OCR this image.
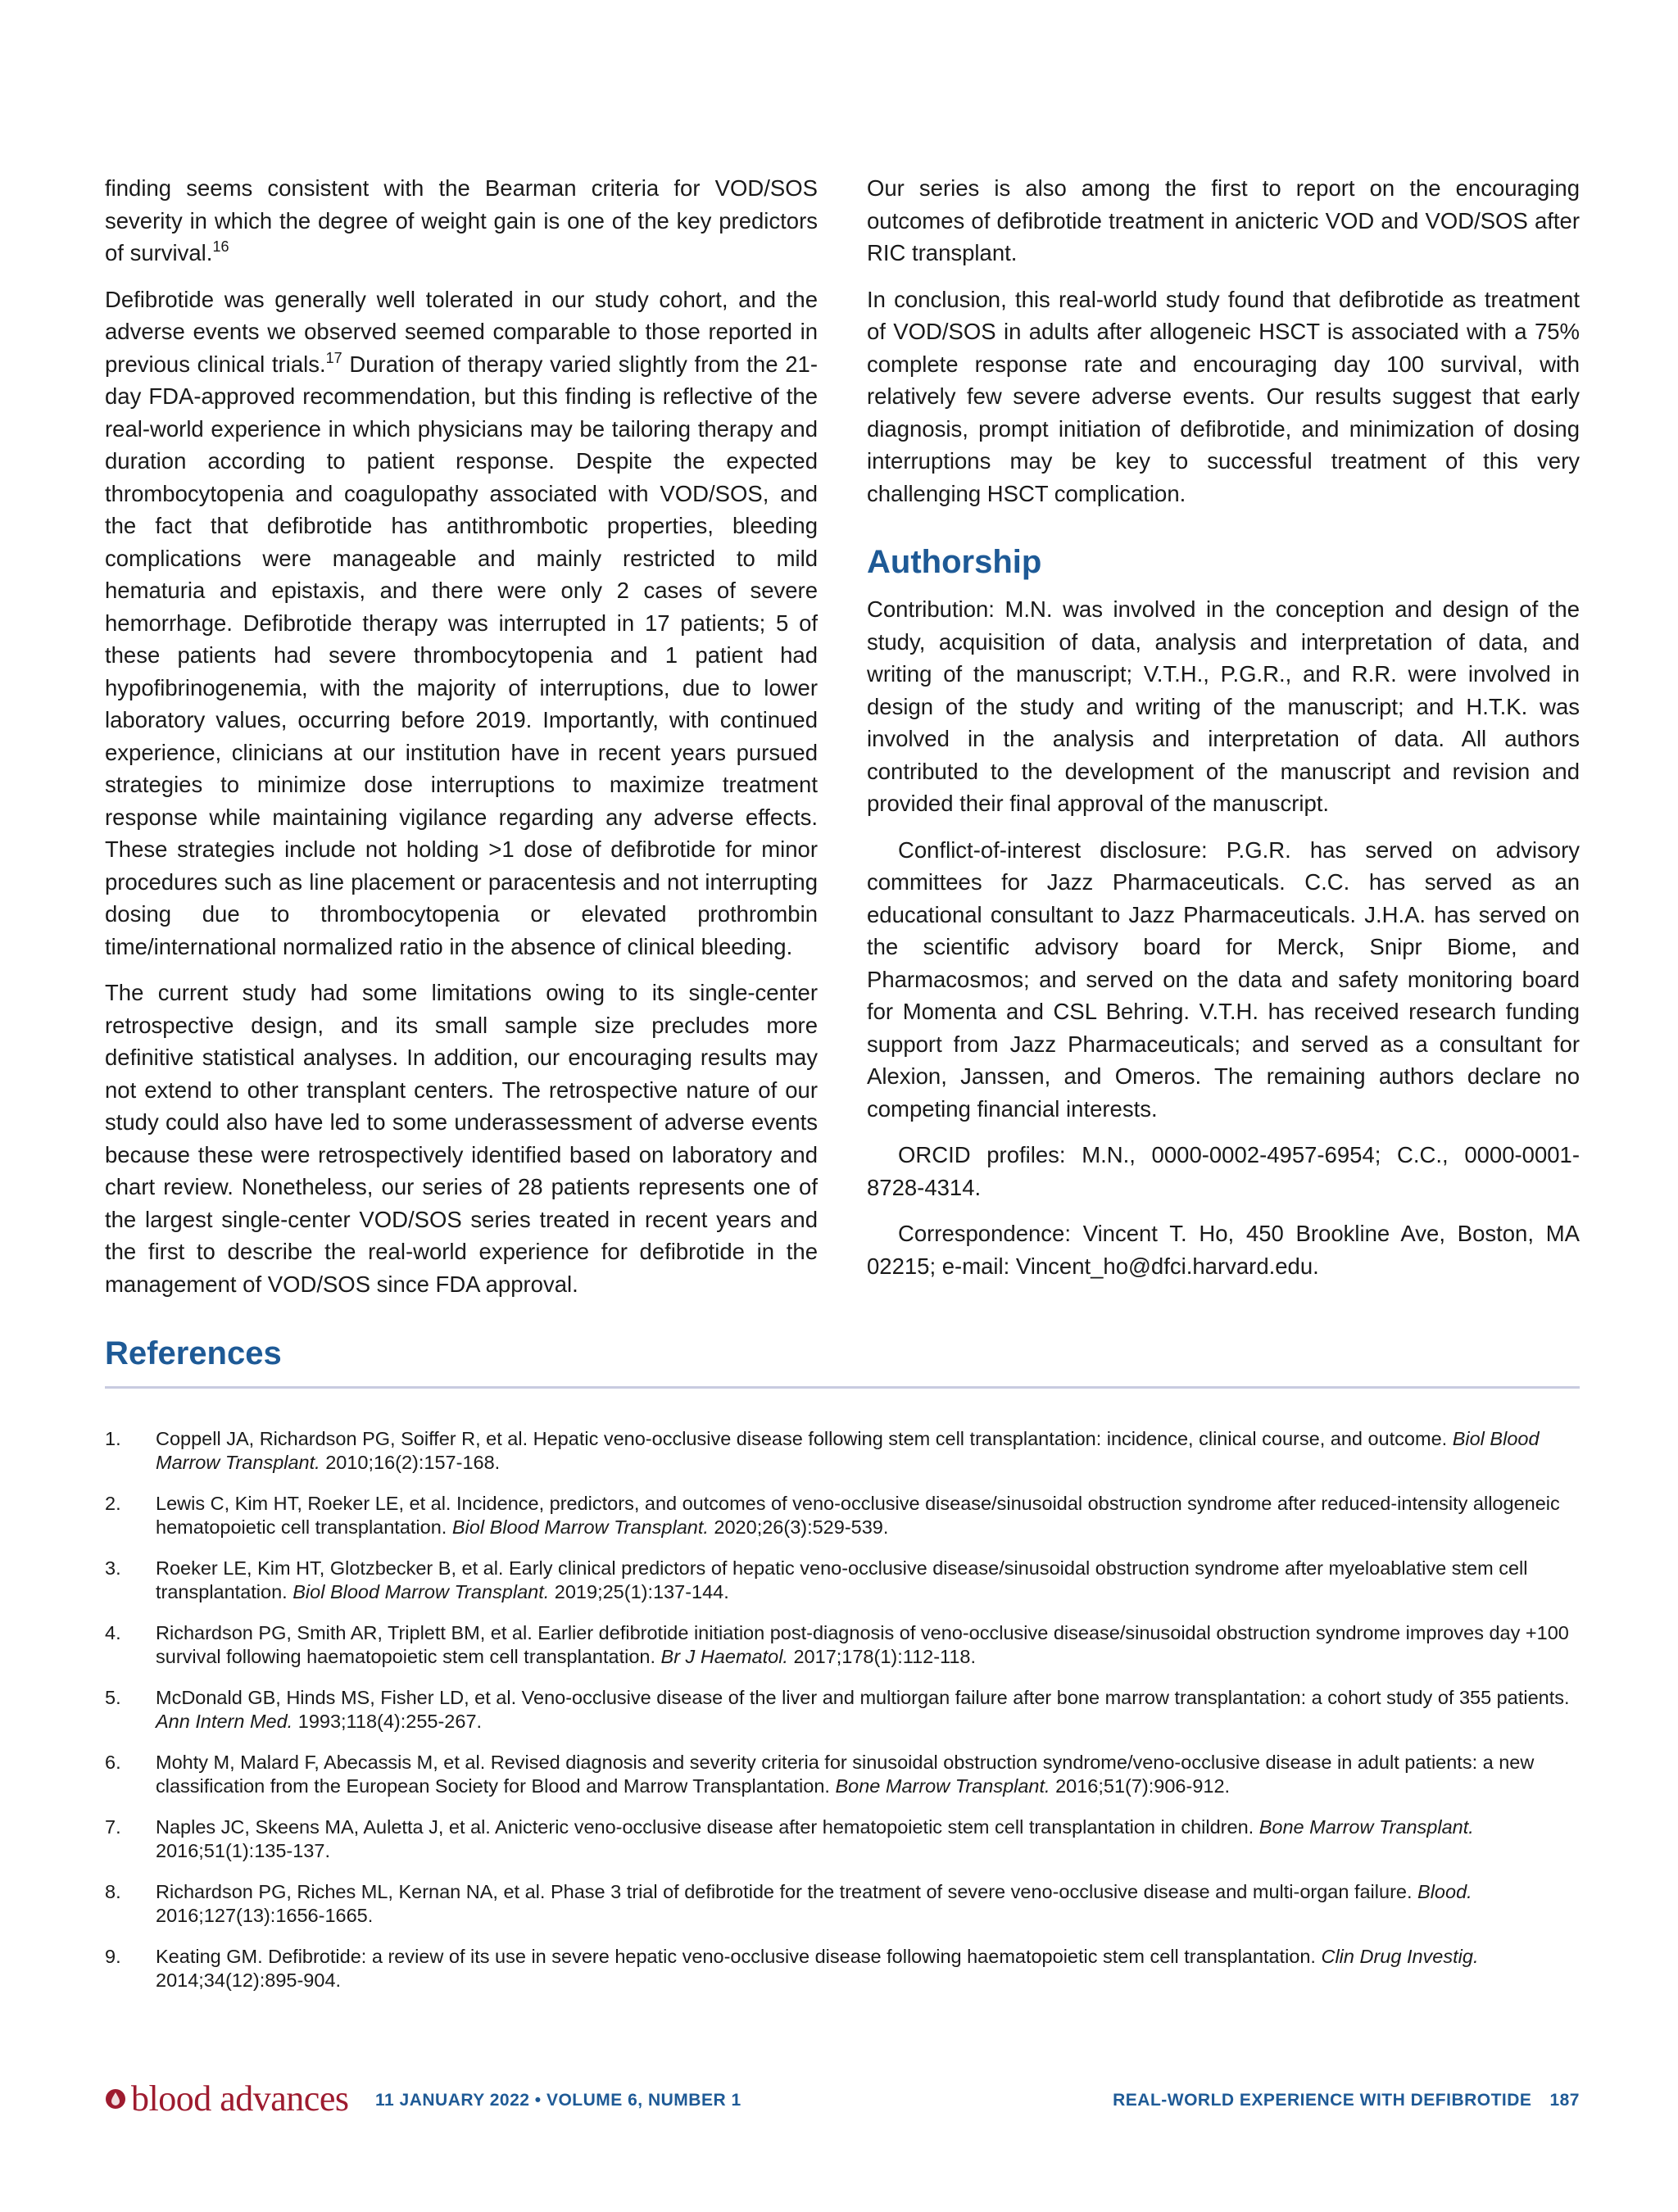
finding seems consistent with the Bearman criteria for VOD/SOS severity in which the degree of weight gain is one of the key predictors of survival.$^{16}$

Defibrotide was generally well tolerated in our study cohort, and the adverse events we observed seemed comparable to those reported in previous clinical trials.$^{17}$ Duration of therapy varied slightly from the 21-day FDA-approved recommendation, but this finding is reflective of the real-world experience in which physicians may be tailoring therapy and duration according to patient response. Despite the expected thrombocytopenia and coagulopathy associated with VOD/SOS, and the fact that defibrotide has antithrombotic properties, bleeding complications were manageable and mainly restricted to mild hematuria and epistaxis, and there were only 2 cases of severe hemorrhage. Defibrotide therapy was interrupted in 17 patients; 5 of these patients had severe thrombocytopenia and 1 patient had hypofibrinogenemia, with the majority of interruptions, due to lower laboratory values, occurring before 2019. Importantly, with continued experience, clinicians at our institution have in recent years pursued strategies to minimize dose interruptions to maximize treatment response while maintaining vigilance regarding any adverse effects. These strategies include not holding >1 dose of defibrotide for minor procedures such as line placement or paracentesis and not interrupting dosing due to thrombocytopenia or elevated prothrombin time/international normalized ratio in the absence of clinical bleeding.

The current study had some limitations owing to its single-center retrospective design, and its small sample size precludes more definitive statistical analyses. In addition, our encouraging results may not extend to other transplant centers. The retrospective nature of our study could also have led to some underassessment of adverse events because these were retrospectively identified based on laboratory and chart review. Nonetheless, our series of 28 patients represents one of the largest single-center VOD/SOS series treated in recent years and the first to describe the real-world experience for defibrotide in the management of VOD/SOS since FDA approval.

Our series is also among the first to report on the encouraging outcomes of defibrotide treatment in anicteric VOD and VOD/SOS after RIC transplant.

In conclusion, this real-world study found that defibrotide as treatment of VOD/SOS in adults after allogeneic HSCT is associated with a 75% complete response rate and encouraging day 100 survival, with relatively few severe adverse events. Our results suggest that early diagnosis, prompt initiation of defibrotide, and minimization of dosing interruptions may be key to successful treatment of this very challenging HSCT complication.

Authorship

Contribution: M.N. was involved in the conception and design of the study, acquisition of data, analysis and interpretation of data, and writing of the manuscript; V.T.H., P.G.R., and R.R. were involved in design of the study and writing of the manuscript; and H.T.K. was involved in the analysis and interpretation of data. All authors contributed to the development of the manuscript and revision and provided their final approval of the manuscript.

Conflict-of-interest disclosure: P.G.R. has served on advisory committees for Jazz Pharmaceuticals. C.C. has served as an educational consultant to Jazz Pharmaceuticals. J.H.A. has served on the scientific advisory board for Merck, Snipr Biome, and Pharmacosmos; and served on the data and safety monitoring board for Momenta and CSL Behring. V.T.H. has received research funding support from Jazz Pharmaceuticals; and served as a consultant for Alexion, Janssen, and Omeros. The remaining authors declare no competing financial interests.

ORCID profiles: M.N., 0000-0002-4957-6954; C.C., 0000-0001-8728-4314.

Correspondence: Vincent T. Ho, 450 Brookline Ave, Boston, MA 02215; e-mail: Vincent_ho@dfci.harvard.edu.

References
1. Coppell JA, Richardson PG, Soiffer R, et al. Hepatic veno-occlusive disease following stem cell transplantation: incidence, clinical course, and outcome. Biol Blood Marrow Transplant. 2010;16(2):157-168.
2. Lewis C, Kim HT, Roeker LE, et al. Incidence, predictors, and outcomes of veno-occlusive disease/sinusoidal obstruction syndrome after reduced-intensity allogeneic hematopoietic cell transplantation. Biol Blood Marrow Transplant. 2020;26(3):529-539.
3. Roeker LE, Kim HT, Glotzbecker B, et al. Early clinical predictors of hepatic veno-occlusive disease/sinusoidal obstruction syndrome after myeloablative stem cell transplantation. Biol Blood Marrow Transplant. 2019;25(1):137-144.
4. Richardson PG, Smith AR, Triplett BM, et al. Earlier defibrotide initiation post-diagnosis of veno-occlusive disease/sinusoidal obstruction syndrome improves day +100 survival following haematopoietic stem cell transplantation. Br J Haematol. 2017;178(1):112-118.
5. McDonald GB, Hinds MS, Fisher LD, et al. Veno-occlusive disease of the liver and multiorgan failure after bone marrow transplantation: a cohort study of 355 patients. Ann Intern Med. 1993;118(4):255-267.
6. Mohty M, Malard F, Abecassis M, et al. Revised diagnosis and severity criteria for sinusoidal obstruction syndrome/veno-occlusive disease in adult patients: a new classification from the European Society for Blood and Marrow Transplantation. Bone Marrow Transplant. 2016;51(7):906-912.
7. Naples JC, Skeens MA, Auletta J, et al. Anicteric veno-occlusive disease after hematopoietic stem cell transplantation in children. Bone Marrow Transplant. 2016;51(1):135-137.
8. Richardson PG, Riches ML, Kernan NA, et al. Phase 3 trial of defibrotide for the treatment of severe veno-occlusive disease and multi-organ failure. Blood. 2016;127(13):1656-1665.
9. Keating GM. Defibrotide: a review of its use in severe hepatic veno-occlusive disease following haematopoietic stem cell transplantation. Clin Drug Investig. 2014;34(12):895-904.
blood advances 11 JANUARY 2022 • VOLUME 6, NUMBER 1	REAL-WORLD EXPERIENCE WITH DEFIBROTIDE 187
